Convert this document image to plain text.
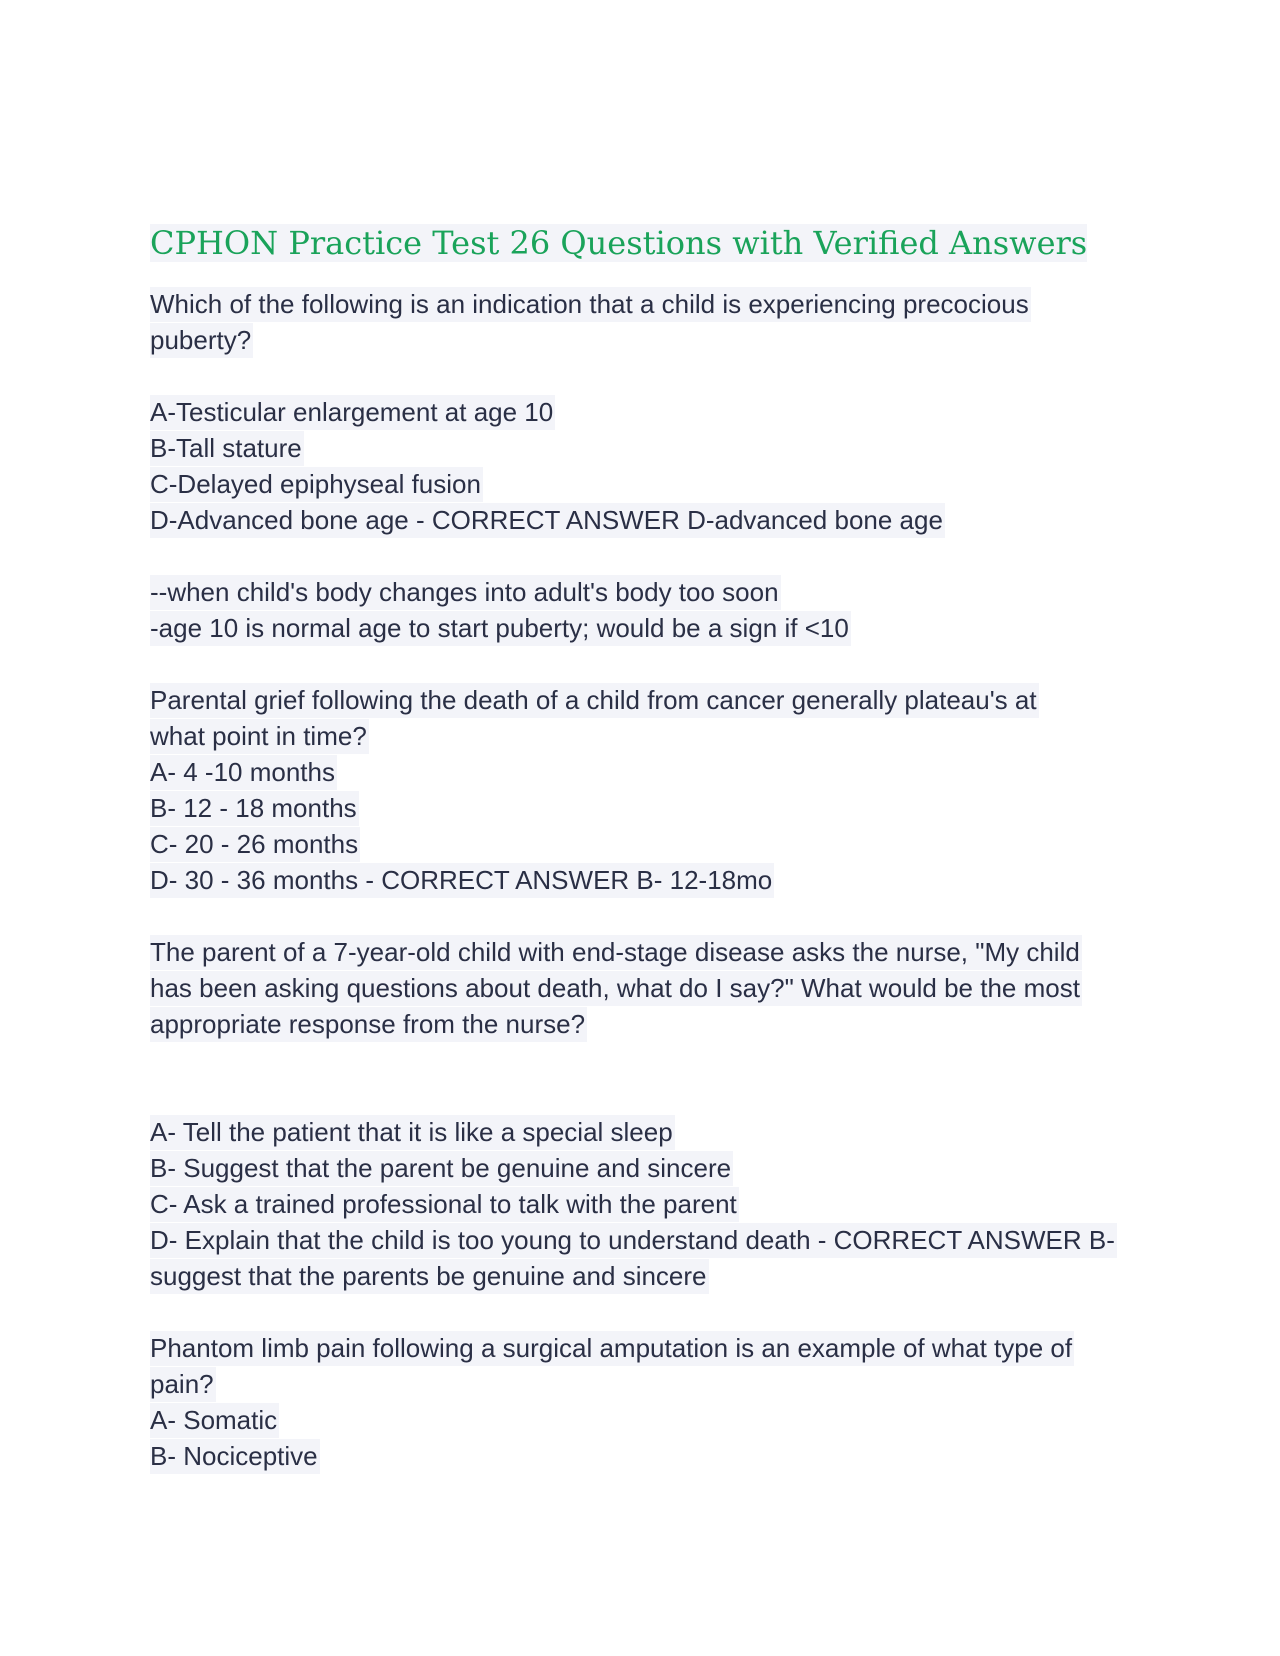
CPHON Practice Test 26 Questions with Verified Answers
Which of the following is an indication that a child is experiencing precocious
puberty?
A-Testicular enlargement at age 10
B-Tall stature
C-Delayed epiphyseal fusion
D-Advanced bone age - CORRECT ANSWER D-advanced bone age
--when child's body changes into adult's body too soon
-age 10 is normal age to start puberty; would be a sign if <10
Parental grief following the death of a child from cancer generally plateau's at
what point in time?
A- 4 -10 months
B- 12 - 18 months
C- 20 - 26 months
D- 30 - 36 months - CORRECT ANSWER B- 12-18mo
The parent of a 7-year-old child with end-stage disease asks the nurse, "My child
has been asking questions about death, what do I say?" What would be the most
appropriate response from the nurse?
A- Tell the patient that it is like a special sleep
B- Suggest that the parent be genuine and sincere
C- Ask a trained professional to talk with the parent
D- Explain that the child is too young to understand death - CORRECT ANSWER B-
suggest that the parents be genuine and sincere
Phantom limb pain following a surgical amputation is an example of what type of
pain?
A- Somatic
B- Nociceptive
